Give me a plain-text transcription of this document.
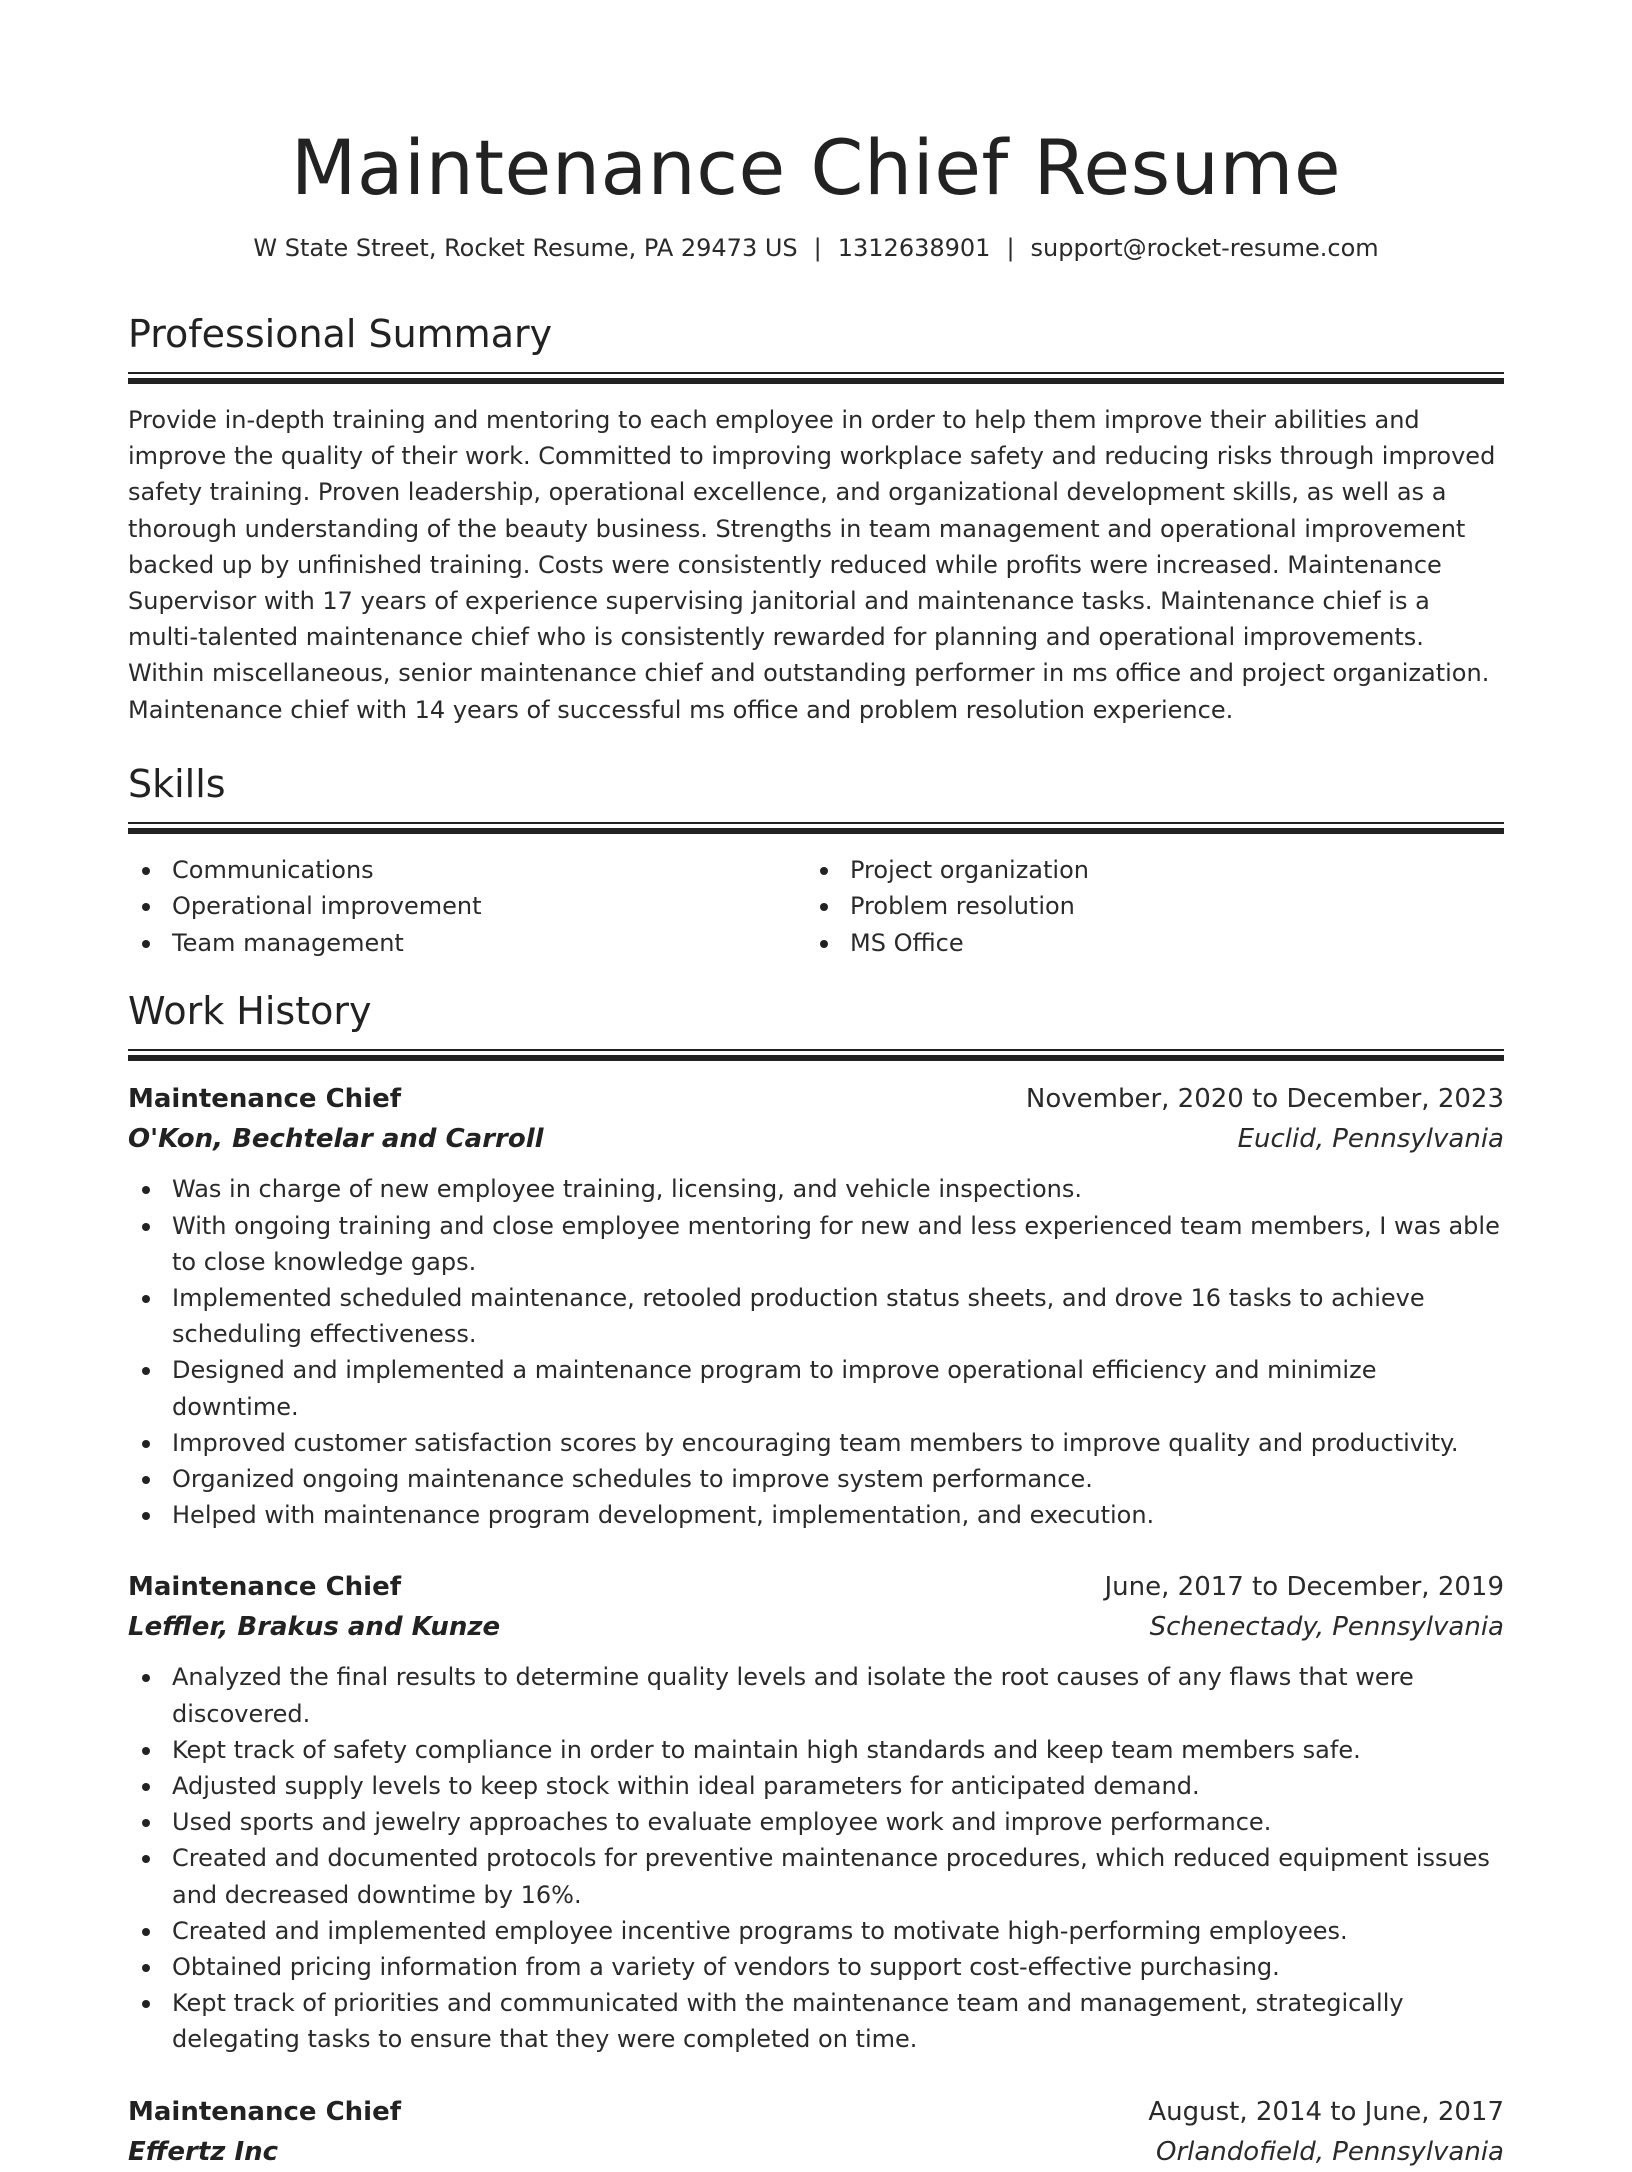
Maintenance Chief Resume
W State Street, Rocket Resume, PA 29473 US | 1312638901 | support@rocket-resume.com
Professional Summary
Provide in-depth training and mentoring to each employee in order to help them improve their abilities and improve the quality of their work. Committed to improving workplace safety and reducing risks through improved safety training. Proven leadership, operational excellence, and organizational development skills, as well as a thorough understanding of the beauty business. Strengths in team management and operational improvement backed up by unfinished training. Costs were consistently reduced while profits were increased. Maintenance Supervisor with 17 years of experience supervising janitorial and maintenance tasks. Maintenance chief is a multi-talented maintenance chief who is consistently rewarded for planning and operational improvements. Within miscellaneous, senior maintenance chief and outstanding performer in ms office and project organization. Maintenance chief with 14 years of successful ms office and problem resolution experience.
Skills
Communications
Operational improvement
Team management
Project organization
Problem resolution
MS Office
Work History
Maintenance Chief	November, 2020 to December, 2023
O'Kon, Bechtelar and Carroll	Euclid, Pennsylvania
Was in charge of new employee training, licensing, and vehicle inspections.
With ongoing training and close employee mentoring for new and less experienced team members, I was able to close knowledge gaps.
Implemented scheduled maintenance, retooled production status sheets, and drove 16 tasks to achieve scheduling effectiveness.
Designed and implemented a maintenance program to improve operational efficiency and minimize downtime.
Improved customer satisfaction scores by encouraging team members to improve quality and productivity.
Organized ongoing maintenance schedules to improve system performance.
Helped with maintenance program development, implementation, and execution.
Maintenance Chief	June, 2017 to December, 2019
Leffler, Brakus and Kunze	Schenectady, Pennsylvania
Analyzed the final results to determine quality levels and isolate the root causes of any flaws that were discovered.
Kept track of safety compliance in order to maintain high standards and keep team members safe.
Adjusted supply levels to keep stock within ideal parameters for anticipated demand.
Used sports and jewelry approaches to evaluate employee work and improve performance.
Created and documented protocols for preventive maintenance procedures, which reduced equipment issues and decreased downtime by 16%.
Created and implemented employee incentive programs to motivate high-performing employees.
Obtained pricing information from a variety of vendors to support cost-effective purchasing.
Kept track of priorities and communicated with the maintenance team and management, strategically delegating tasks to ensure that they were completed on time.
Maintenance Chief	August, 2014 to June, 2017
Effertz Inc	Orlandofield, Pennsylvania
